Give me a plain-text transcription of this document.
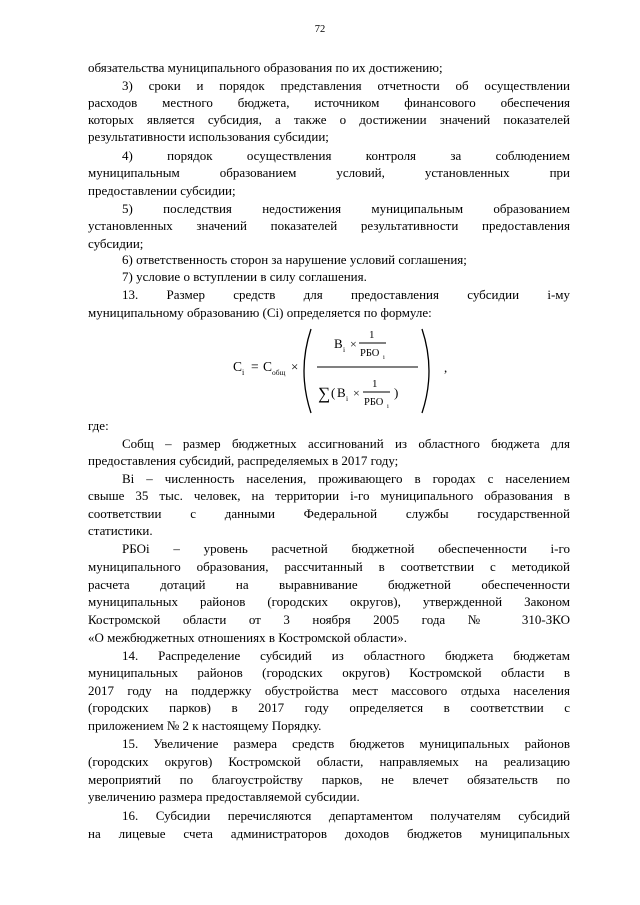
72
обязательства муниципального образования по их достижению;
3) сроки и порядок представления отчетности об осуществлении
расходов местного бюджета, источником финансового обеспечения
которых является субсидия, а также о достижении значений показателей
результативности использования субсидии;
4) порядок осуществления контроля за соблюдением
муниципальным образованием условий, установленных при
предоставлении субсидии;
5) последствия недостижения муниципальным образованием
установленных значений показателей результативности предоставления
субсидии;
6) ответственность сторон за нарушение условий соглашения;
7) условие о вступлении в силу соглашения.
13. Размер средств для предоставления субсидии i-му
муниципальному образованию (Ci) определяется по формуле:
где:
Собщ – размер бюджетных ассигнований из областного бюджета для
предоставления субсидий, распределяемых в 2017 году;
Bi – численность населения, проживающего в городах с населением
свыше 35 тыс. человек, на территории i-го муниципального образования в
соответствии с данными Федеральной службы государственной
статистики.
РБОi – уровень расчетной бюджетной обеспеченности i-го
муниципального образования, рассчитанный в соответствии с методикой
расчета дотаций на выравнивание бюджетной обеспеченности
муниципальных районов (городских округов), утвержденной Законом
Костромской области от 3 ноября 2005 года № 310-ЗКО
«О межбюджетных отношениях в Костромской области».
14. Распределение субсидий из областного бюджета бюджетам
муниципальных районов (городских округов) Костромской области в
2017 году на поддержку обустройства мест массового отдыха населения
(городских парков) в 2017 году определяется в соответствии с
приложением № 2 к настоящему Порядку.
15. Увеличение размера средств бюджетов муниципальных районов
(городских округов) Костромской области, направляемых на реализацию
мероприятий по благоустройству парков, не влечет обязательств по
увеличению размера предоставляемой субсидии.
16. Субсидии перечисляются департаментом получателям субсидий
на лицевые счета администраторов доходов бюджетов муниципальных
C i = C общ ×
B i ×
1
РБО i
∑ ( B i ×
1
РБО i
)
,
